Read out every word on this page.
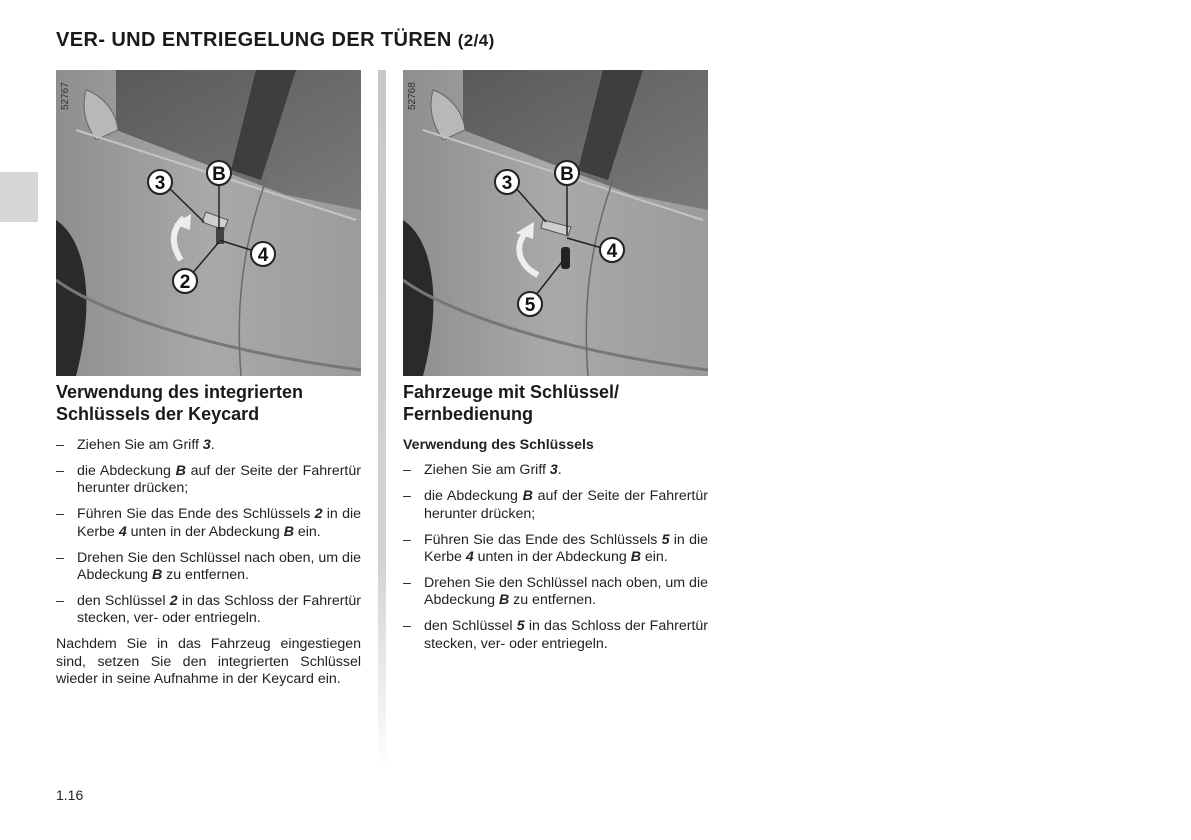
VER- UND ENTRIEGELUNG DER TÜREN (2/4)
3 B
4
2
52767
3	B
4
5
52768
Verwendung des integrierten
Schlüssels der Keycard
– Ziehen Sie am Griff 3.
– die Abdeckung B auf der Seite der Fahrertür herunter drücken;
– Führen Sie das Ende des Schlüssels 2 in die Kerbe 4 unten in der Abdeckung B ein.
– Drehen Sie den Schlüssel nach oben, um die Abdeckung B zu entfernen.
– den Schlüssel 2 in das Schloss der Fahrertür stecken, ver- oder entriegeln.

Nachdem Sie in das Fahrzeug eingestiegen sind, setzen Sie den integrierten Schlüssel wieder in seine Aufnahme in der Keycard ein.

Fahrzeuge mit Schlüssel/
Fernbedienung
Verwendung des Schlüssels
– Ziehen Sie am Griff 3.
– die Abdeckung B auf der Seite der Fahrertür herunter drücken;
– Führen Sie das Ende des Schlüssels 5 in die Kerbe 4 unten in der Abdeckung B ein.
– Drehen Sie den Schlüssel nach oben, um die Abdeckung B zu entfernen.
– den Schlüssel 5 in das Schloss der Fahrertür stecken, ver- oder entriegeln.
1.16
